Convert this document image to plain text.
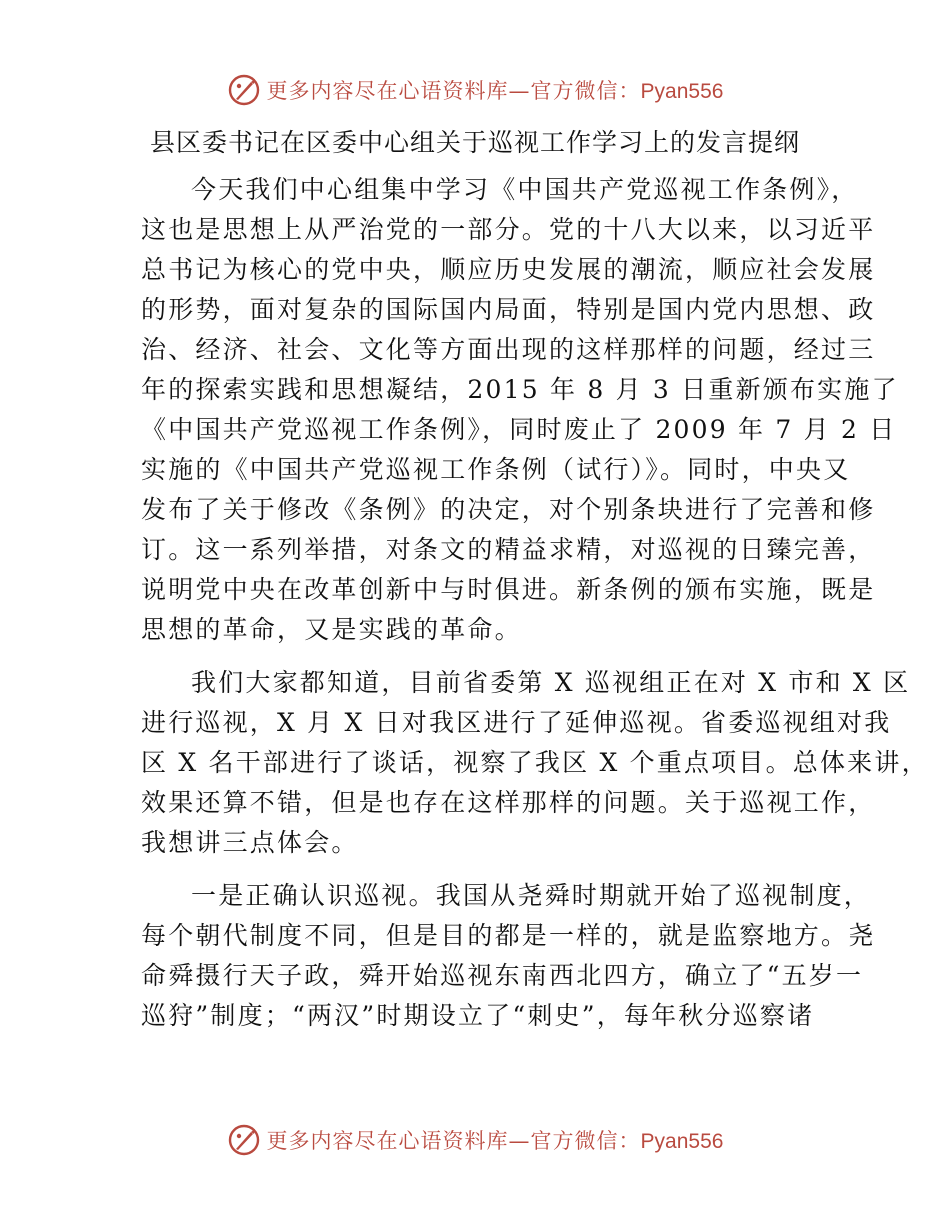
更多内容尽在心语资料库—官方微信：Pyan556
县区委书记在区委中心组关于巡视工作学习上的发言提纲
今天我们中心组集中学习《中国共产党巡视工作条例》，
这也是思想上从严治党的一部分。党的十八大以来，以习近平
总书记为核心的党中央，顺应历史发展的潮流，顺应社会发展
的形势，面对复杂的国际国内局面，特别是国内党内思想、政
治、经济、社会、文化等方面出现的这样那样的问题，经过三
年的探索实践和思想凝结，2015 年 8 月 3 日重新颁布实施了
《中国共产党巡视工作条例》，同时废止了 2009 年 7 月 2 日
实施的《中国共产党巡视工作条例（试行）》。同时，中央又
发布了关于修改《条例》的决定，对个别条块进行了完善和修
订。这一系列举措，对条文的精益求精，对巡视的日臻完善，
说明党中央在改革创新中与时俱进。新条例的颁布实施，既是
思想的革命，又是实践的革命。
我们大家都知道，目前省委第 X 巡视组正在对 X 市和 X 区
进行巡视，X 月 X 日对我区进行了延伸巡视。省委巡视组对我
区 X 名干部进行了谈话，视察了我区 X 个重点项目。总体来讲，
效果还算不错，但是也存在这样那样的问题。关于巡视工作，
我想讲三点体会。
一是正确认识巡视。我国从尧舜时期就开始了巡视制度，
每个朝代制度不同，但是目的都是一样的，就是监察地方。尧
命舜摄行天子政，舜开始巡视东南西北四方，确立了“五岁一
巡狩”制度；“两汉”时期设立了“刺史”，每年秋分巡察诸
更多内容尽在心语资料库—官方微信：Pyan556
